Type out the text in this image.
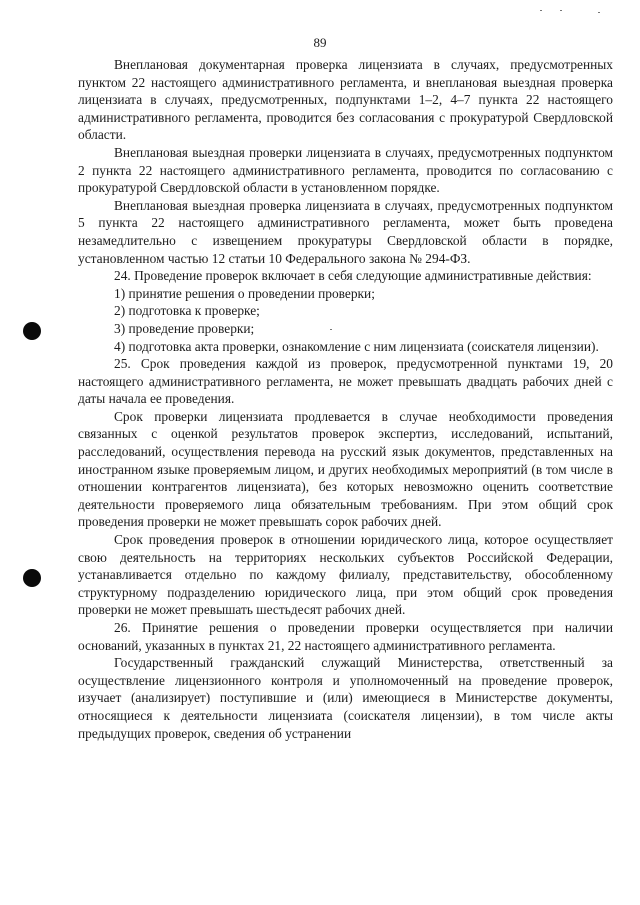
89

Внеплановая документарная проверка лицензиата в случаях, предусмотренных пунктом 22 настоящего административного регламента, и внеплановая выездная проверка лицензиата в случаях, предусмотренных, подпунктами 1–2, 4–7 пункта 22 настоящего административного регламента, проводится без согласования с прокуратурой Свердловской области.

Внеплановая выездная проверки лицензиата в случаях, предусмотренных подпунктом 2 пункта 22 настоящего административного регламента, проводится по согласованию с прокуратурой Свердловской области в установленном порядке.

Внеплановая выездная проверка лицензиата в случаях, предусмотренных подпунктом 5 пункта 22 настоящего административного регламента, может быть проведена незамедлительно с извещением прокуратуры Свердловской области в порядке, установленном частью 12 статьи 10 Федерального закона № 294-ФЗ.

24. Проведение проверок включает в себя следующие административные действия:

1) принятие решения о проведении проверки;

2) подготовка к проверке;

3) проведение проверки;

4) подготовка акта проверки, ознакомление с ним лицензиата (соискателя лицензии).

25. Срок проведения каждой из проверок, предусмотренной пунктами 19, 20 настоящего административного регламента, не может превышать двадцать рабочих дней с даты начала ее проведения.

Срок проверки лицензиата продлевается в случае необходимости проведения связанных с оценкой результатов проверок экспертиз, исследований, испытаний, расследований, осуществления перевода на русский язык документов, представленных на иностранном языке проверяемым лицом, и других необходимых мероприятий (в том числе в отношении контрагентов лицензиата), без которых невозможно оценить соответствие деятельности проверяемого лица обязательным требованиям. При этом общий срок проведения проверки не может превышать сорок рабочих дней.

Срок проведения проверок в отношении юридического лица, которое осуществляет свою деятельность на территориях нескольких субъектов Российской Федерации, устанавливается отдельно по каждому филиалу, представительству, обособленному структурному подразделению юридического лица, при этом общий срок проведения проверки не может превышать шестьдесят рабочих дней.

26. Принятие решения о проведении проверки осуществляется при наличии оснований, указанных в пунктах 21, 22 настоящего административного регламента.

Государственный гражданский служащий Министерства, ответственный за осуществление лицензионного контроля и уполномоченный на проведение проверок, изучает (анализирует) поступившие и (или) имеющиеся в Министерстве документы, относящиеся к деятельности лицензиата (соискателя лицензии), в том числе акты предыдущих проверок, сведения об устранении
